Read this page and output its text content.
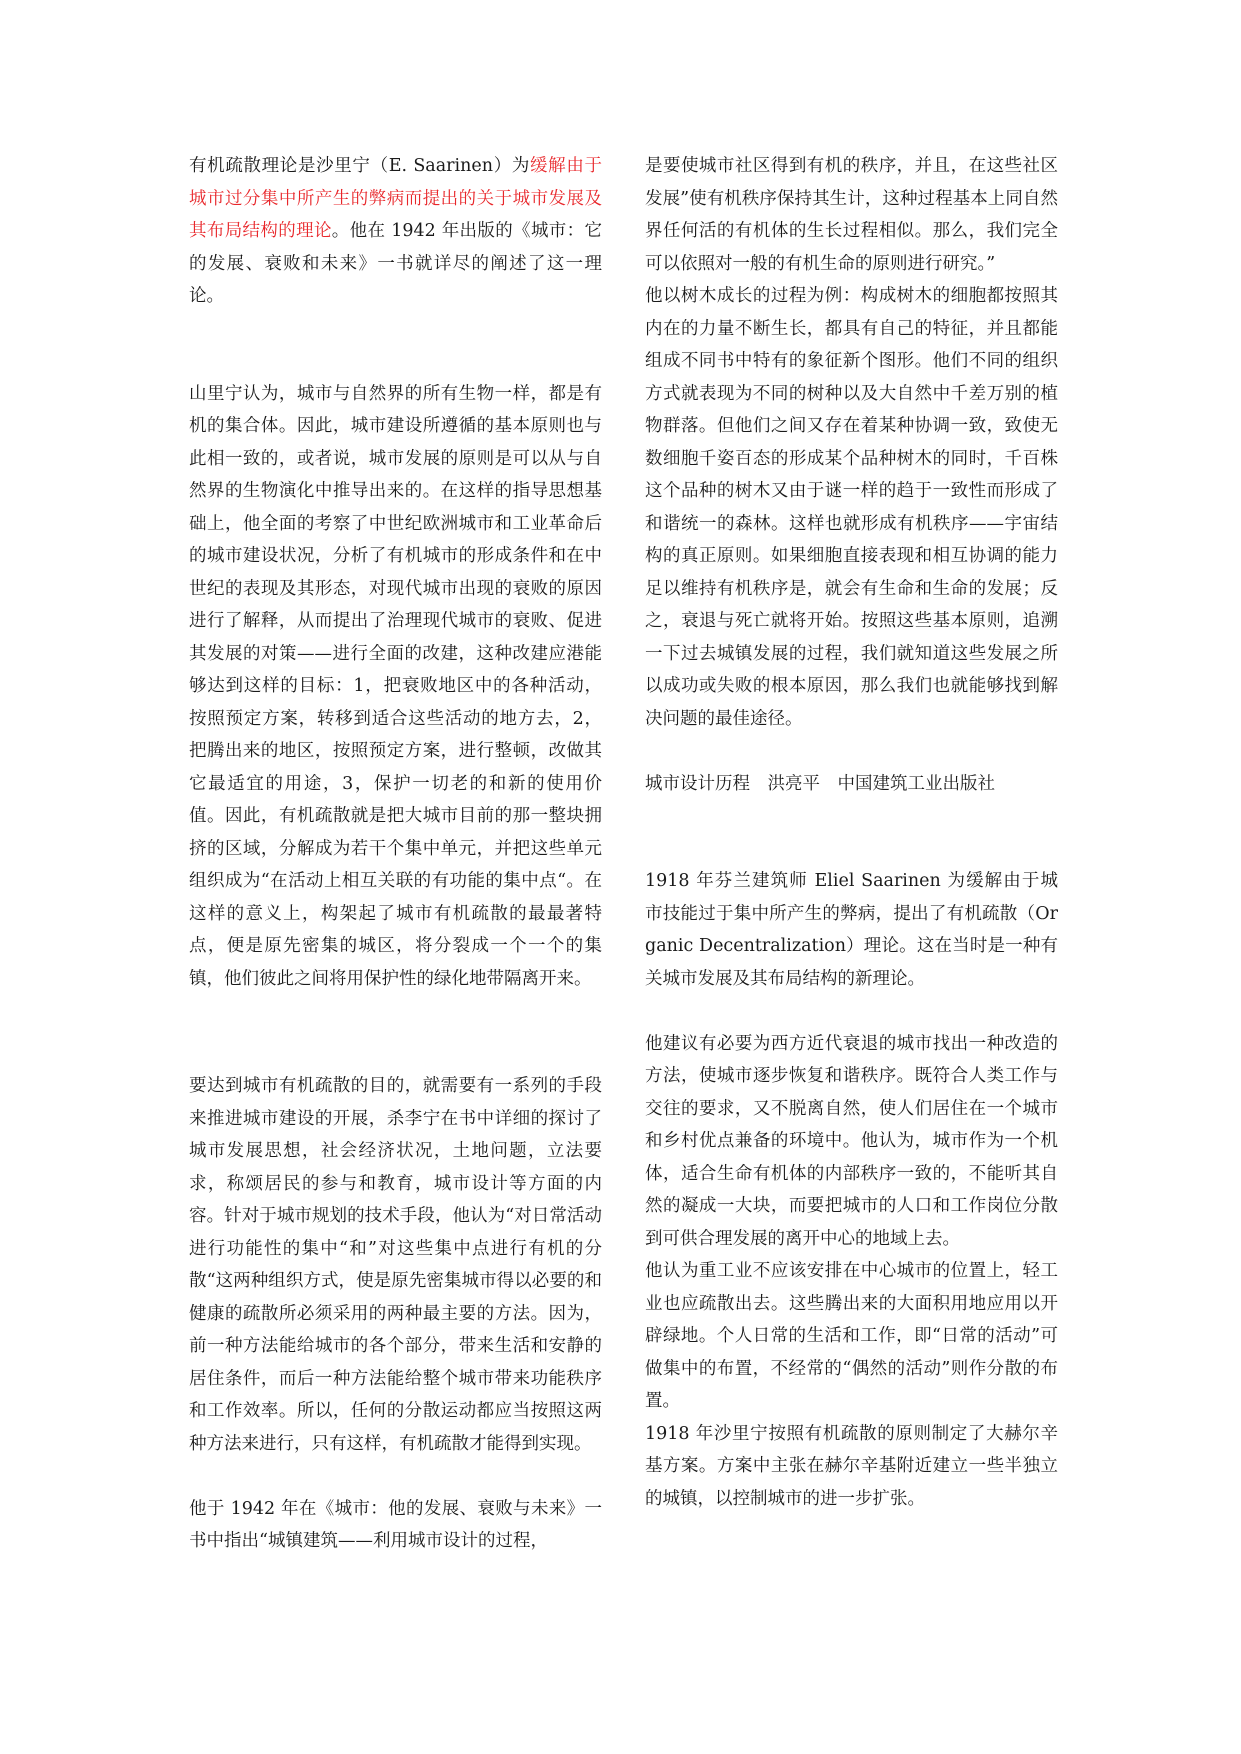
有机疏散理论是沙里宁（E. Saarinen）为缓解由于城市过分集中所产生的弊病而提出的关于城市发展及其布局结构的理论。他在 1942 年出版的《城市：它的发展、衰败和未来》一书就详尽的阐述了这一理论。

山里宁认为，城市与自然界的所有生物一样，都是有机的集合体。因此，城市建设所遵循的基本原则也与此相一致的，或者说，城市发展的原则是可以从与自然界的生物演化中推导出来的。在这样的指导思想基础上，他全面的考察了中世纪欧洲城市和工业革命后的城市建设状况，分析了有机城市的形成条件和在中世纪的表现及其形态，对现代城市出现的衰败的原因进行了解释，从而提出了治理现代城市的衰败、促进其发展的对策——进行全面的改建，这种改建应港能够达到这样的目标：1，把衰败地区中的各种活动，按照预定方案，转移到适合这些活动的地方去，2，把腾出来的地区，按照预定方案，进行整顿，改做其它最适宜的用途，3，保护一切老的和新的使用价值。因此，有机疏散就是把大城市目前的那一整块拥挤的区域，分解成为若干个集中单元，并把这些单元组织成为“在活动上相互关联的有功能的集中点“。在这样的意义上，构架起了城市有机疏散的最最著特点，便是原先密集的城区，将分裂成一个一个的集镇，他们彼此之间将用保护性的绿化地带隔离开来。

要达到城市有机疏散的目的，就需要有一系列的手段来推进城市建设的开展，杀李宁在书中详细的探讨了城市发展思想，社会经济状况，土地问题，立法要求，称颂居民的参与和教育，城市设计等方面的内容。针对于城市规划的技术手段，他认为“对日常活动进行功能性的集中“和”对这些集中点进行有机的分散“这两种组织方式，使是原先密集城市得以必要的和健康的疏散所必须采用的两种最主要的方法。因为，前一种方法能给城市的各个部分，带来生活和安静的居住条件，而后一种方法能给整个城市带来功能秩序和工作效率。所以，任何的分散运动都应当按照这两种方法来进行，只有这样，有机疏散才能得到实现。

他于 1942 年在《城市：他的发展、衰败与未来》一书中指出“城镇建筑——利用城市设计的过程，

是要使城市社区得到有机的秩序，并且，在这些社区发展”使有机秩序保持其生计，这种过程基本上同自然界任何活的有机体的生长过程相似。那么，我们完全可以依照对一般的有机生命的原则进行研究。”

他以树木成长的过程为例：构成树木的细胞都按照其内在的力量不断生长，都具有自己的特征，并且都能组成不同书中特有的象征新个图形。他们不同的组织方式就表现为不同的树种以及大自然中千差万别的植物群落。但他们之间又存在着某种协调一致，致使无数细胞千姿百态的形成某个品种树木的同时，千百株这个品种的树木又由于谜一样的趋于一致性而形成了和谐统一的森林。这样也就形成有机秩序——宇宙结构的真正原则。如果细胞直接表现和相互协调的能力足以维持有机秩序是，就会有生命和生命的发展；反之，衰退与死亡就将开始。按照这些基本原则，追溯一下过去城镇发展的过程，我们就知道这些发展之所以成功或失败的根本原因，那么我们也就能够找到解决问题的最佳途径。

城市设计历程　洪亮平　中国建筑工业出版社

1918 年芬兰建筑师 Eliel Saarinen 为缓解由于城市技能过于集中所产生的弊病，提出了有机疏散（Organic Decentralization）理论。这在当时是一种有关城市发展及其布局结构的新理论。

他建议有必要为西方近代衰退的城市找出一种改造的方法，使城市逐步恢复和谐秩序。既符合人类工作与交往的要求，又不脱离自然，使人们居住在一个城市和乡村优点兼备的环境中。他认为，城市作为一个机体，适合生命有机体的内部秩序一致的，不能听其自然的凝成一大块，而要把城市的人口和工作岗位分散到可供合理发展的离开中心的地域上去。

他认为重工业不应该安排在中心城市的位置上，轻工业也应疏散出去。这些腾出来的大面积用地应用以开辟绿地。个人日常的生活和工作，即“日常的活动”可做集中的布置，不经常的“偶然的活动”则作分散的布置。

1918 年沙里宁按照有机疏散的原则制定了大赫尔辛基方案。方案中主张在赫尔辛基附近建立一些半独立的城镇，以控制城市的进一步扩张。
